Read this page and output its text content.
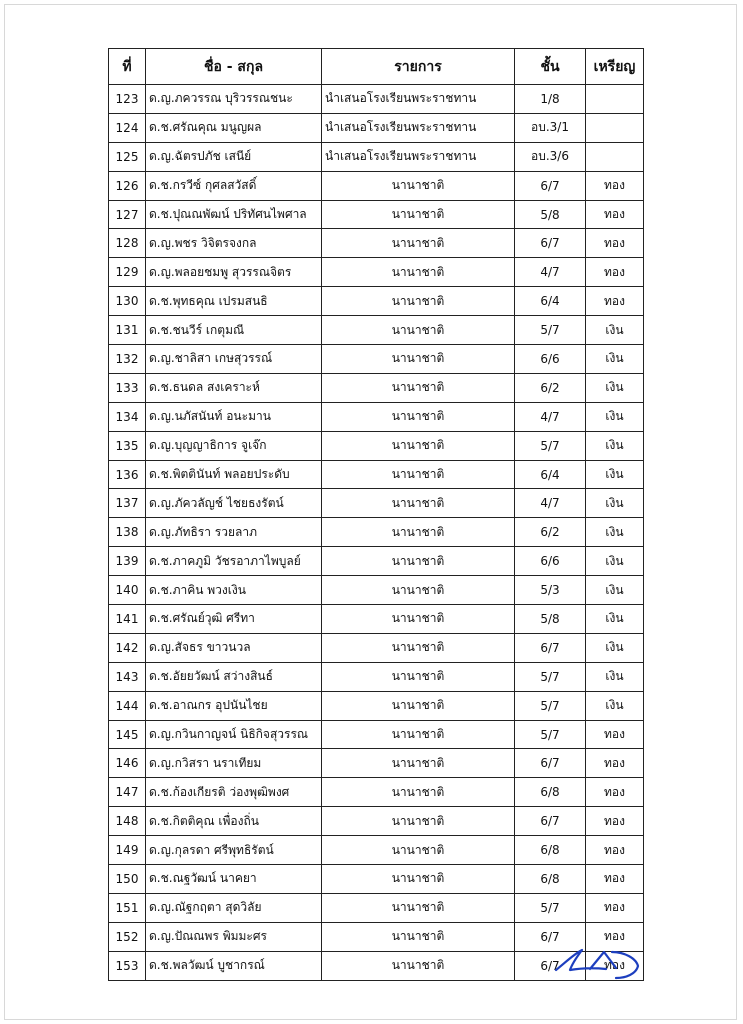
ที่	ชื่อ - สกุล	รายการ	ชั้น	เหรียญ
123	ด.ญ.ภควรรณ บุริวรรณชนะ	นำเสนอโรงเรียนพระราชทาน	1/8	
124	ด.ช.ศรัณคุณ มนูญผล	นำเสนอโรงเรียนพระราชทาน	อบ.3/1	
125	ด.ญ.ฉัตรปภัช เสนีย์	นำเสนอโรงเรียนพระราชทาน	อบ.3/6	
126	ด.ช.กรวีซ์ กุศลสวัสดิ์	นานาชาติ	6/7	ทอง
127	ด.ช.ปุณณพัฒน์ ปริทัศนไพศาล	นานาชาติ	5/8	ทอง
128	ด.ญ.พชร วิจิตรจงกล	นานาชาติ	6/7	ทอง
129	ด.ญ.พลอยชมพู สุวรรณจิตร	นานาชาติ	4/7	ทอง
130	ด.ช.พุทธคุณ เปรมสนธิ	นานาชาติ	6/4	ทอง
131	ด.ช.ชนวีร์ เกตุมณี	นานาชาติ	5/7	เงิน
132	ด.ญ.ชาลิสา เกษสุวรรณ์	นานาชาติ	6/6	เงิน
133	ด.ช.ธนดล สงเคราะห์	นานาชาติ	6/2	เงิน
134	ด.ญ.นภัสนันท์ อนะมาน	นานาชาติ	4/7	เงิน
135	ด.ญ.บุญญาธิการ จูเจ๊ก	นานาชาติ	5/7	เงิน
136	ด.ช.พิตตินันท์ พลอยประดับ	นานาชาติ	6/4	เงิน
137	ด.ญ.ภัควลัญช์ ไชยธงรัตน์	นานาชาติ	4/7	เงิน
138	ด.ญ.ภัทธิรา รวยลาภ	นานาชาติ	6/2	เงิน
139	ด.ช.ภาคภูมิ วัชรอาภาไพบูลย์	นานาชาติ	6/6	เงิน
140	ด.ช.ภาคิน พวงเงิน	นานาชาติ	5/3	เงิน
141	ด.ช.ศรัณย์วุฒิ ศรีทา	นานาชาติ	5/8	เงิน
142	ด.ญ.สัจธร ขาวนวล	นานาชาติ	6/7	เงิน
143	ด.ช.อัยยวัฒน์ สว่างสินธ์	นานาชาติ	5/7	เงิน
144	ด.ช.อาณกร อุปนันไชย	นานาชาติ	5/7	เงิน
145	ด.ญ.กวินกาญจน์ นิธิกิจสุวรรณ	นานาชาติ	5/7	ทอง
146	ด.ญ.กวิสรา นราเทียม	นานาชาติ	6/7	ทอง
147	ด.ช.ก้องเกียรติ ว่องพุฒิพงศ	นานาชาติ	6/8	ทอง
148	ด.ช.กิตติคุณ เพื่องถิ่น	นานาชาติ	6/7	ทอง
149	ด.ญ.กุลรดา ศรีพุทธิรัตน์	นานาชาติ	6/8	ทอง
150	ด.ช.ณฐวัฒน์ นาคยา	นานาชาติ	6/8	ทอง
151	ด.ญ.ณัฐกฤตา สุดวิลัย	นานาชาติ	5/7	ทอง
152	ด.ญ.ปัณณพร พิมมะศร	นานาชาติ	6/7	ทอง
153	ด.ช.พลวัฒน์ บูชากรณ์	นานาชาติ	6/7	ทอง
